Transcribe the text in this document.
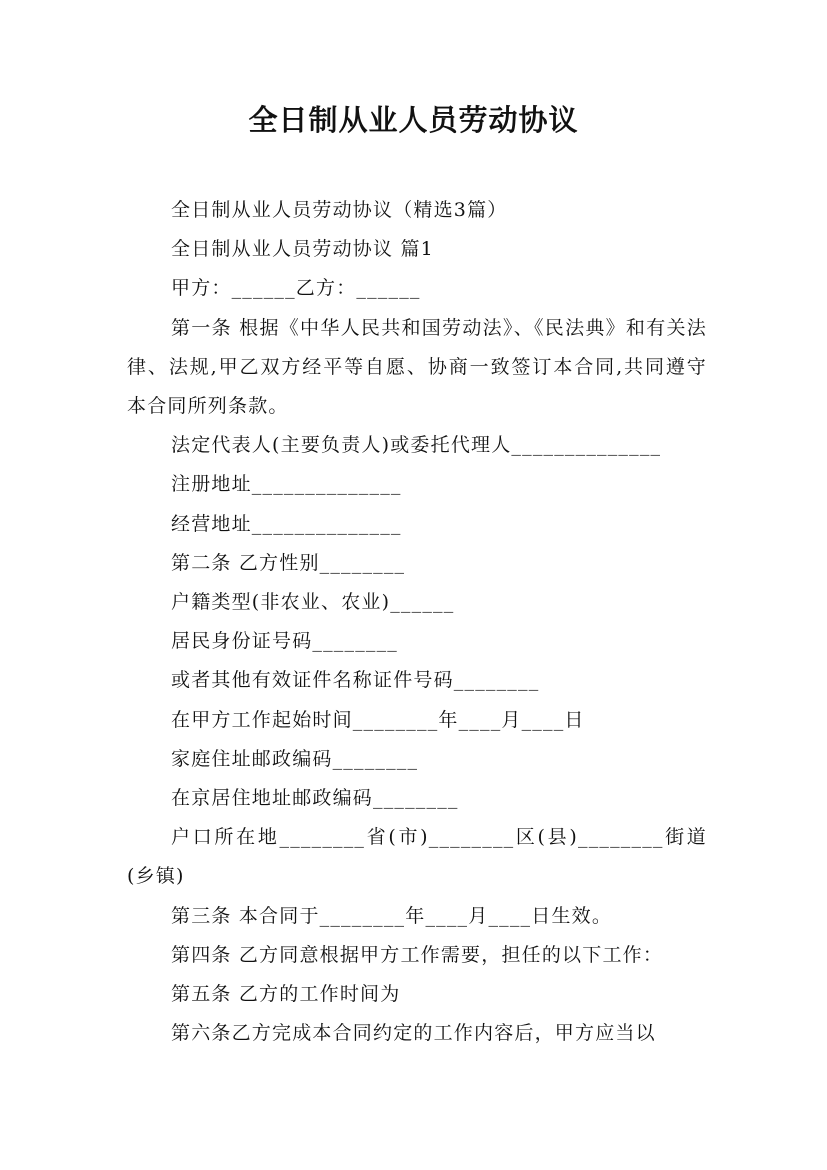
全日制从业人员劳动协议

全日制从业人员劳动协议（精选3篇）

全日制从业人员劳动协议 篇1

甲方：______乙方：______

第一条 根据《中华人民共和国劳动法》、《民法典》和有关法律、法规,甲乙双方经平等自愿、协商一致签订本合同,共同遵守本合同所列条款。

法定代表人(主要负责人)或委托代理人______________

注册地址______________

经营地址______________

第二条 乙方性别________

户籍类型(非农业、农业)______

居民身份证号码________

或者其他有效证件名称证件号码________

在甲方工作起始时间________年____月____日

家庭住址邮政编码________

在京居住地址邮政编码________

户口所在地________省(市)________区(县)________街道(乡镇)

第三条 本合同于________年____月____日生效。

第四条 乙方同意根据甲方工作需要，担任的以下工作：

第五条 乙方的工作时间为

第六条乙方完成本合同约定的工作内容后，甲方应当以
